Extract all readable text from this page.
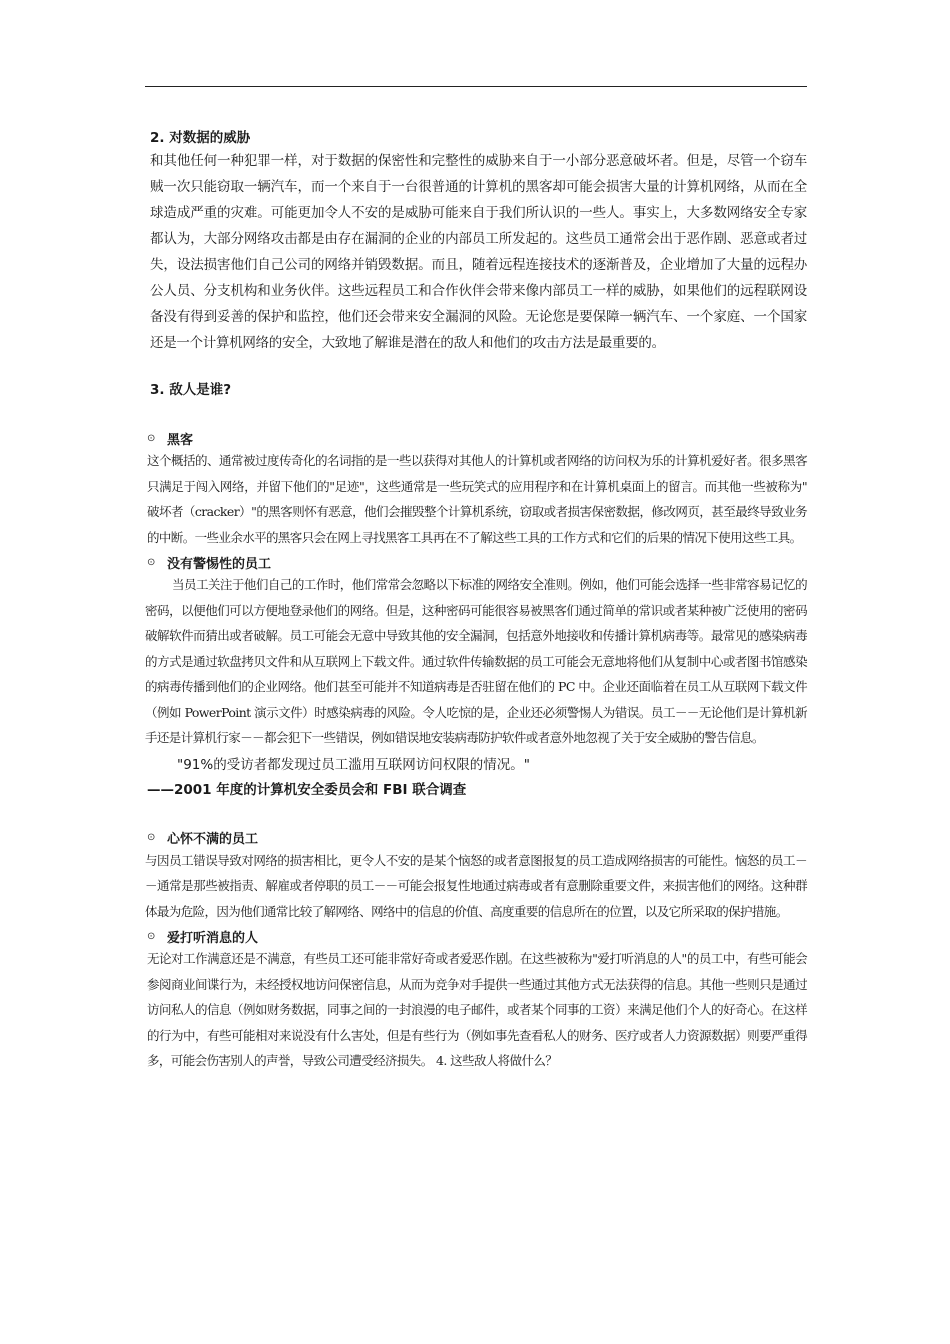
2. 对数据的威胁

和其他任何一种犯罪一样，对于数据的保密性和完整性的威胁来自于一小部分恶意破坏者。但是，尽管一个窃车贼一次只能窃取一辆汽车，而一个来自于一台很普通的计算机的黑客却可能会损害大量的计算机网络，从而在全球造成严重的灾难。可能更加令人不安的是威胁可能来自于我们所认识的一些人。事实上，大多数网络安全专家都认为，大部分网络攻击都是由存在漏洞的企业的内部员工所发起的。这些员工通常会出于恶作剧、恶意或者过失，设法损害他们自己公司的网络并销毁数据。而且，随着远程连接技术的逐渐普及，企业增加了大量的远程办公人员、分支机构和业务伙伴。这些远程员工和合作伙伴会带来像内部员工一样的威胁，如果他们的远程联网设备没有得到妥善的保护和监控，他们还会带来安全漏洞的风险。无论您是要保障一辆汽车、一个家庭、一个国家还是一个计算机网络的安全，大致地了解谁是潜在的敌人和他们的攻击方法是最重要的。

3. 敌人是谁?

⊙ 黑客

这个概括的、通常被过度传奇化的名词指的是一些以获得对其他人的计算机或者网络的访问权为乐的计算机爱好者。很多黑客只满足于闯入网络，并留下他们的"足迹"，这些通常是一些玩笑式的应用程序和在计算机桌面上的留言。而其他一些被称为" 破坏者（cracker）"的黑客则怀有恶意，他们会摧毁整个计算机系统，窃取或者损害保密数据，修改网页，甚至最终导致业务的中断。一些业余水平的黑客只会在网上寻找黑客工具再在不了解这些工具的工作方式和它们的后果的情况下使用这些工具。

⊙ 没有警惕性的员工

当员工关注于他们自己的工作时，他们常常会忽略以下标准的网络安全准则。例如，他们可能会选择一些非常容易记忆的密码，以便他们可以方便地登录他们的网络。但是，这种密码可能很容易被黑客们通过简单的常识或者某种被广泛使用的密码破解软件而猜出或者破解。员工可能会无意中导致其他的安全漏洞，包括意外地接收和传播计算机病毒等。最常见的感染病毒的方式是通过软盘拷贝文件和从互联网上下载文件。通过软件传输数据的员工可能会无意地将他们从复制中心或者图书馆感染的病毒传播到他们的企业网络。他们甚至可能并不知道病毒是否驻留在他们的 PC 中。企业还面临着在员工从互联网下载文件（例如 PowerPoint 演示文件）时感染病毒的风险。令人吃惊的是，企业还必须警惕人为错误。员工－－无论他们是计算机新手还是计算机行家－－都会犯下一些错误，例如错误地安装病毒防护软件或者意外地忽视了关于安全威胁的警告信息。

"91%的受访者都发现过员工滥用互联网访问权限的情况。"

——2001 年度的计算机安全委员会和 FBI 联合调查

⊙ 心怀不满的员工

与因员工错误导致对网络的损害相比，更令人不安的是某个恼怒的或者意图报复的员工造成网络损害的可能性。恼怒的员工－－通常是那些被指责、解雇或者停职的员工－－可能会报复性地通过病毒或者有意删除重要文件，来损害他们的网络。这种群体最为危险，因为他们通常比较了解网络、网络中的信息的价值、高度重要的信息所在的位置，以及它所采取的保护措施。

⊙ 爱打听消息的人

无论对工作满意还是不满意，有些员工还可能非常好奇或者爱恶作剧。在这些被称为"爱打听消息的人"的员工中，有些可能会参阅商业间谍行为，未经授权地访问保密信息，从而为竞争对手提供一些通过其他方式无法获得的信息。其他一些则只是通过访问私人的信息（例如财务数据，同事之间的一封浪漫的电子邮件，或者某个同事的工资）来满足他们个人的好奇心。在这样的行为中，有些可能相对来说没有什么害处，但是有些行为（例如事先查看私人的财务、医疗或者人力资源数据）则要严重得多，可能会伤害别人的声誉，导致公司遭受经济损失。 4. 这些敌人将做什么？
